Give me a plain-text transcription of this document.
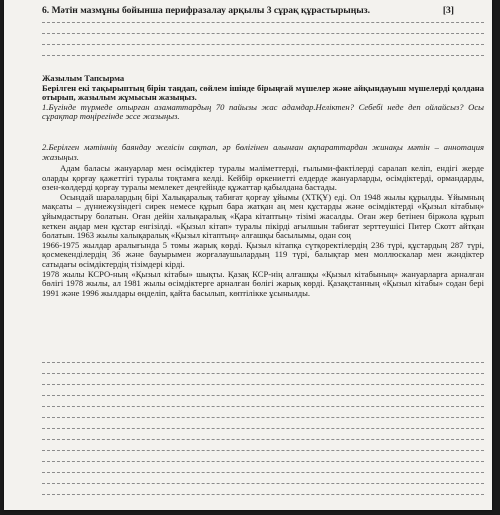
6. Мәтін мазмұны бойынша перифразалау арқылы 3 сұрақ құрастырыңыз.	[3]
Жазылым Тапсырма

Берілген екі тақырыптың бірін таңдап, сөйлем ішінде бірыңғай мүшелер және айқындауыш мүшелерді қолдана отырып, жазылым жұмысын жазыңыз.

1.Бүгінде түрмеде отырған азаматтардың 70 пайызы жас адамдар.Неліктен? Себебі неде деп ойлайсыз? Осы сұрақтар төңірегінде эссе жазыңыз.

2.Берілген мәтіннің баяндау желісін сақтап, әр бөлігінен алынған ақпараттардан жинақы мәтін – аннотация жазыңыз.

Адам баласы жануарлар мен өсімдіктер туралы мәліметтерді, ғылыми-фактілерді саралап келіп, ендігі жерде оларды қорғау қажеттігі туралы тоқтамға келді. Кейбір өркениетті елдерде жануарларды, өсімдіктерді, ормандарды, өзен-көлдерді қорғау туралы мемлекет деңгейінде құжаттар қабылдана бастады.

Осындай шаралардың бірі Халықаралық табиғат қорғау ұйымы (ХТҚҰ) еді. Ол 1948 жылы құрылды. Ұйымның мақсаты – дүниежүзіндегі сирек немесе құрып бара жатқан аң мен құстарды және өсімдіктерді «Қызыл кітабың» ұйымдастыру болатын. Оған дейін халықаралық «Қара кітаптың» тізімі жасалды. Оған жер бетінен біржола құрып кеткен аңдар мен құстар енгізілді. «Қызыл кітап» туралы пікірді ағылшын табиғат зерттеушісі Питер Скотт айтқан болатын. 1963 жылы халықаралық «Қызыл кітаптың» алғашқы басылымы, одан соң

1966-1975 жылдар аралығында 5 томы жарық көрді. Қызыл кітапқа сүтқоректілердің 236 түрі, құстардың 287 түрі, қосмекенділердің 36 және бауырымен жорғалаушылардың 119 түрі, балықтар мен моллюскалар мен жәндіктер сатыдағы өсімдіктердің тізімдері кірді.

1978 жылы КСРО-ның «Қызыл кітабы» шықты. Қазақ КСР-нің алғашқы «Қызыл кітабының» жануарларға арналған бөлігі 1978 жылы, ал 1981 жылы өсімдіктерге арналған бөлігі жарық көрді. Қазақстанның «Қызыл кітабы» содан бері 1991 және 1996 жылдары өңделіп, қайта басылып, көптілікке ұсынылды.
